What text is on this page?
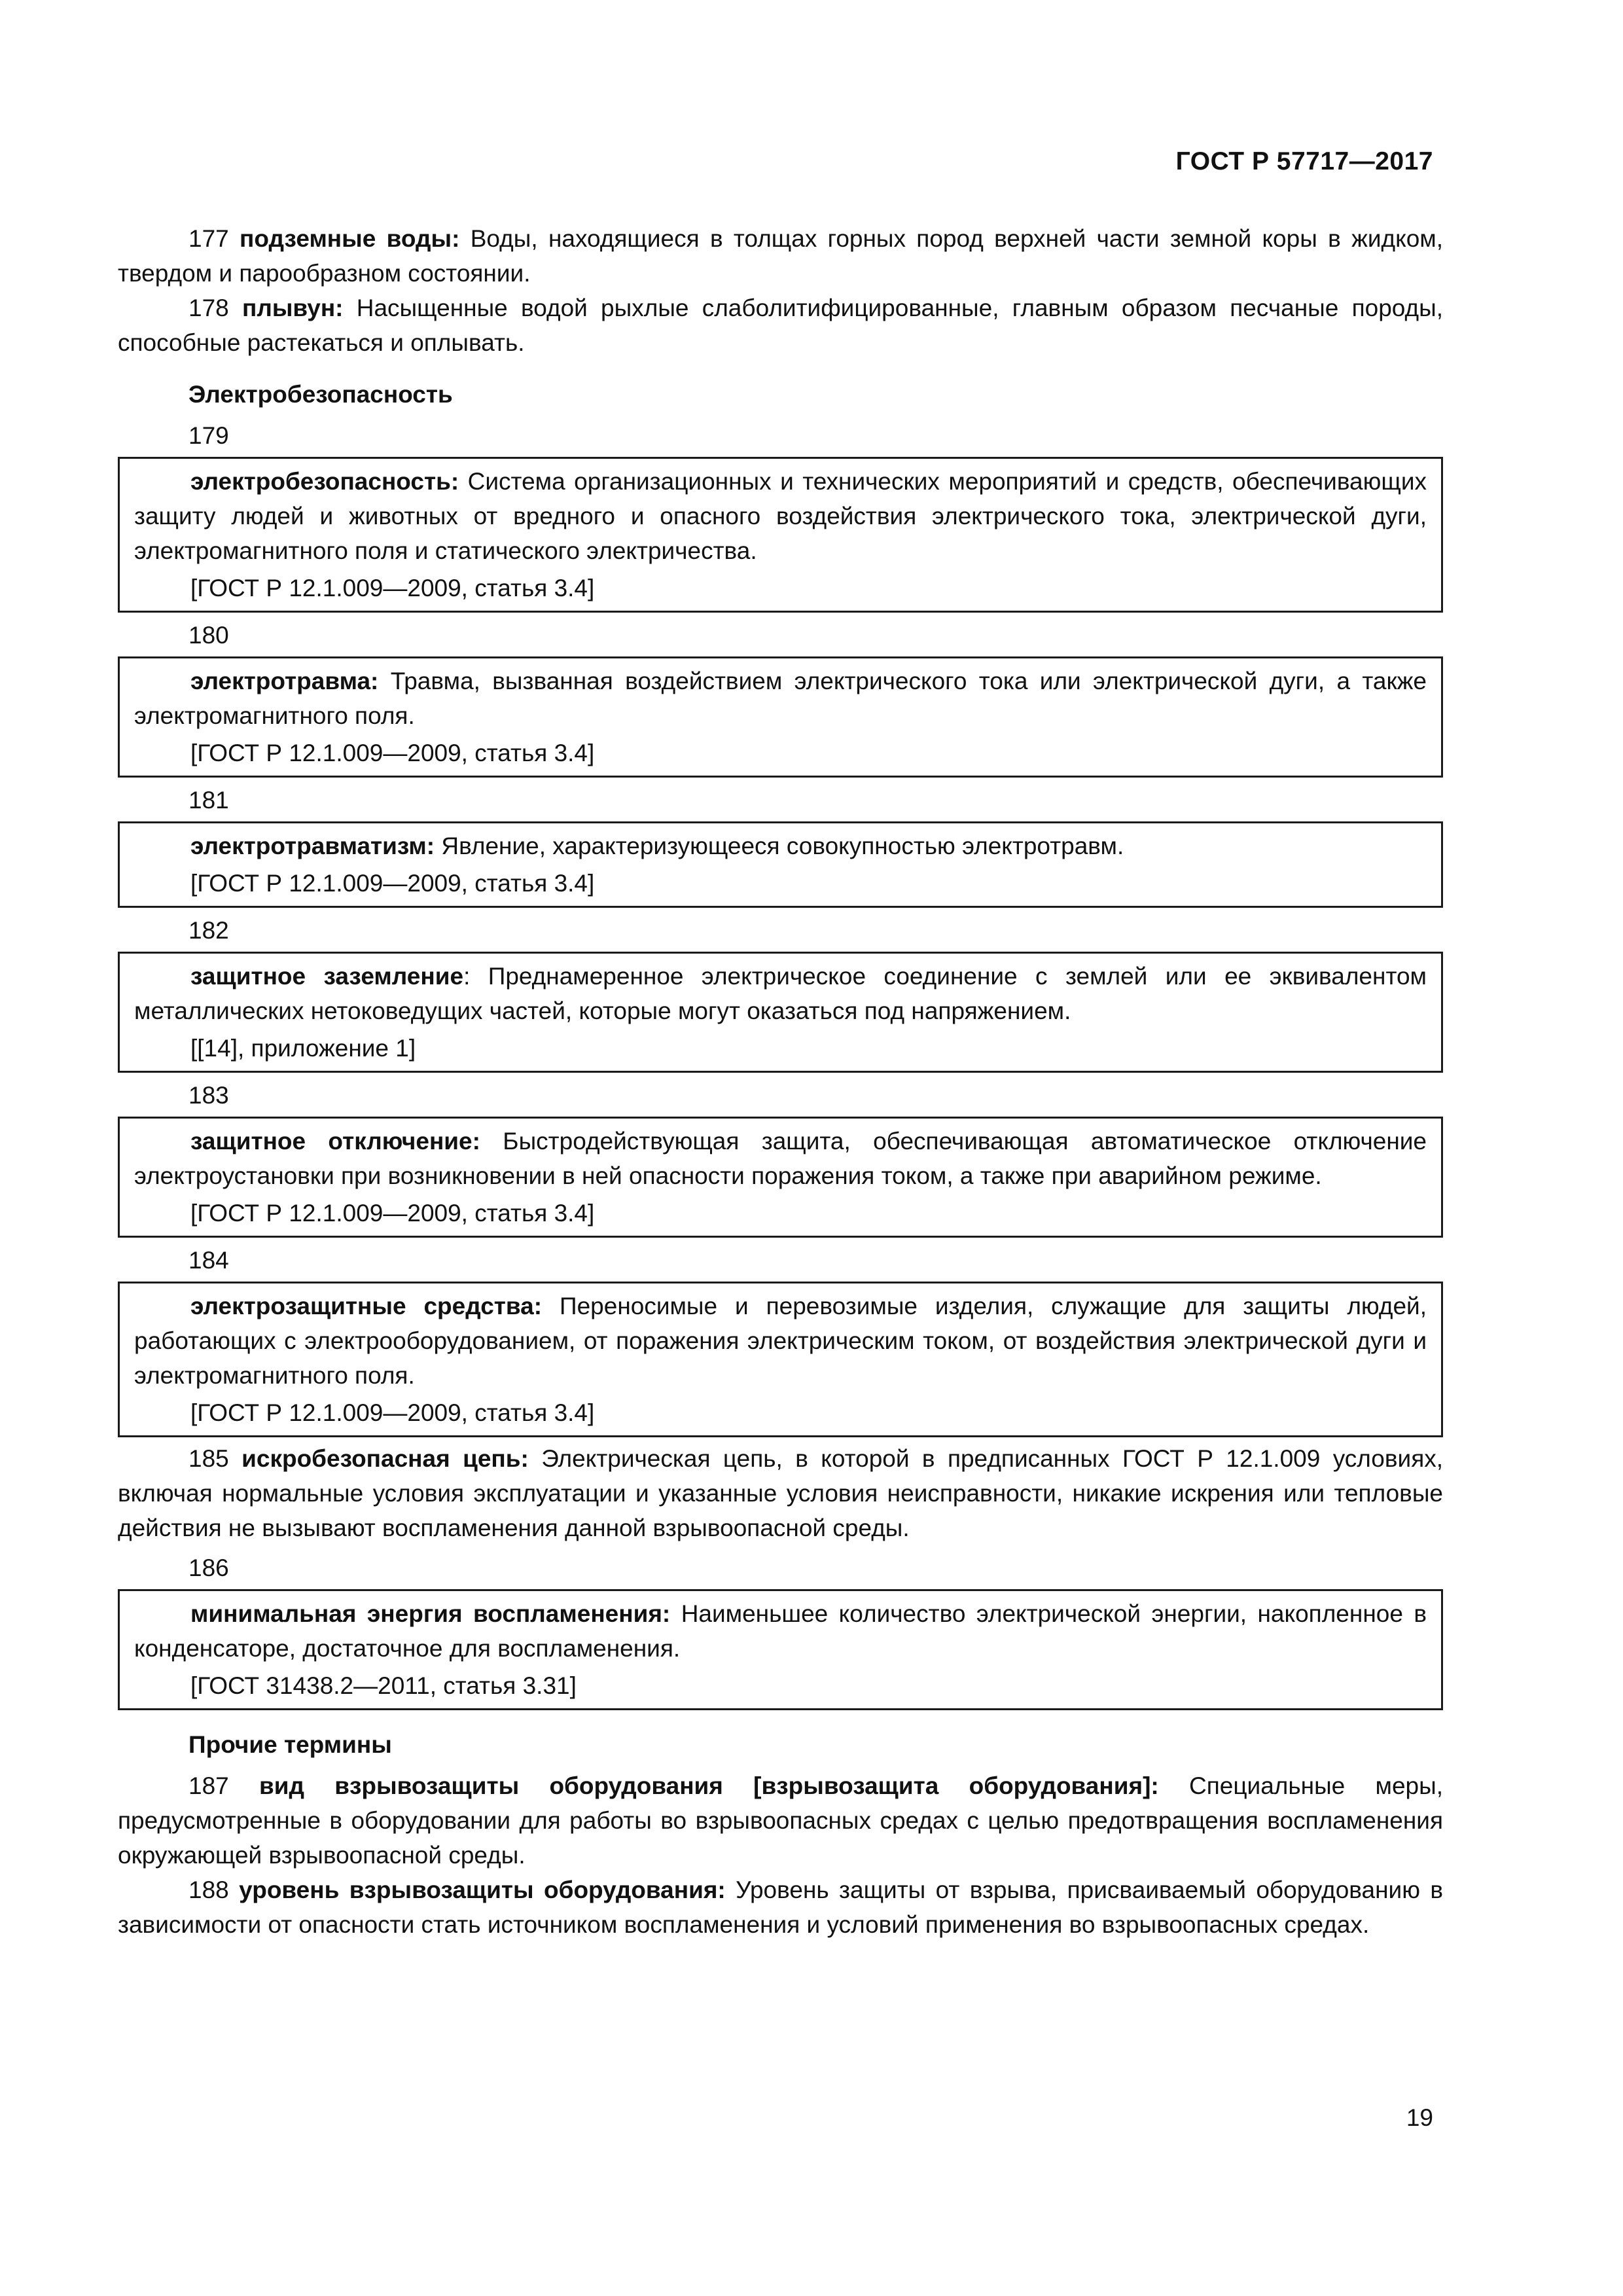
ГОСТ Р 57717—2017

177 подземные воды: Воды, находящиеся в толщах горных пород верхней части земной коры в жидком, твердом и парообразном состоянии.

178 плывун: Насыщенные водой рыхлые слаболитифицированные, главным образом песчаные породы, способные растекаться и оплывать.

Электробезопасность

179

электробезопасность: Система организационных и технических мероприятий и средств, обеспечивающих защиту людей и животных от вредного и опасного воздействия электрического тока, электрической дуги, электромагнитного поля и статического электричества.

[ГОСТ Р 12.1.009—2009, статья 3.4]

180

электротравма: Травма, вызванная воздействием электрического тока или электрической дуги, а также электромагнитного поля.

[ГОСТ Р 12.1.009—2009, статья 3.4]

181

электротравматизм: Явление, характеризующееся совокупностью электротравм.

[ГОСТ Р 12.1.009—2009, статья 3.4]

182

защитное заземление: Преднамеренное электрическое соединение с землей или ее эквивалентом металлических нетоковедущих частей, которые могут оказаться под напряжением.

[[14], приложение 1]

183

защитное отключение: Быстродействующая защита, обеспечивающая автоматическое отключение электроустановки при возникновении в ней опасности поражения током, а также при аварийном режиме.

[ГОСТ Р 12.1.009—2009, статья 3.4]

184

электрозащитные средства: Переносимые и перевозимые изделия, служащие для защиты людей, работающих с электрооборудованием, от поражения электрическим током, от воздействия электрической дуги и электромагнитного поля.

[ГОСТ Р 12.1.009—2009, статья 3.4]

185 искробезопасная цепь: Электрическая цепь, в которой в предписанных ГОСТ Р 12.1.009 условиях, включая нормальные условия эксплуатации и указанные условия неисправности, никакие искрения или тепловые действия не вызывают воспламенения данной взрывоопасной среды.

186

минимальная энергия воспламенения: Наименьшее количество электрической энергии, накопленное в конденсаторе, достаточное для воспламенения.

[ГОСТ 31438.2—2011, статья 3.31]

Прочие термины

187 вид взрывозащиты оборудования [взрывозащита оборудования]: Специальные меры, предусмотренные в оборудовании для работы во взрывоопасных средах с целью предотвращения воспламенения окружающей взрывоопасной среды.

188 уровень взрывозащиты оборудования: Уровень защиты от взрыва, присваиваемый оборудованию в зависимости от опасности стать источником воспламенения и условий применения во взрывоопасных средах.

19
